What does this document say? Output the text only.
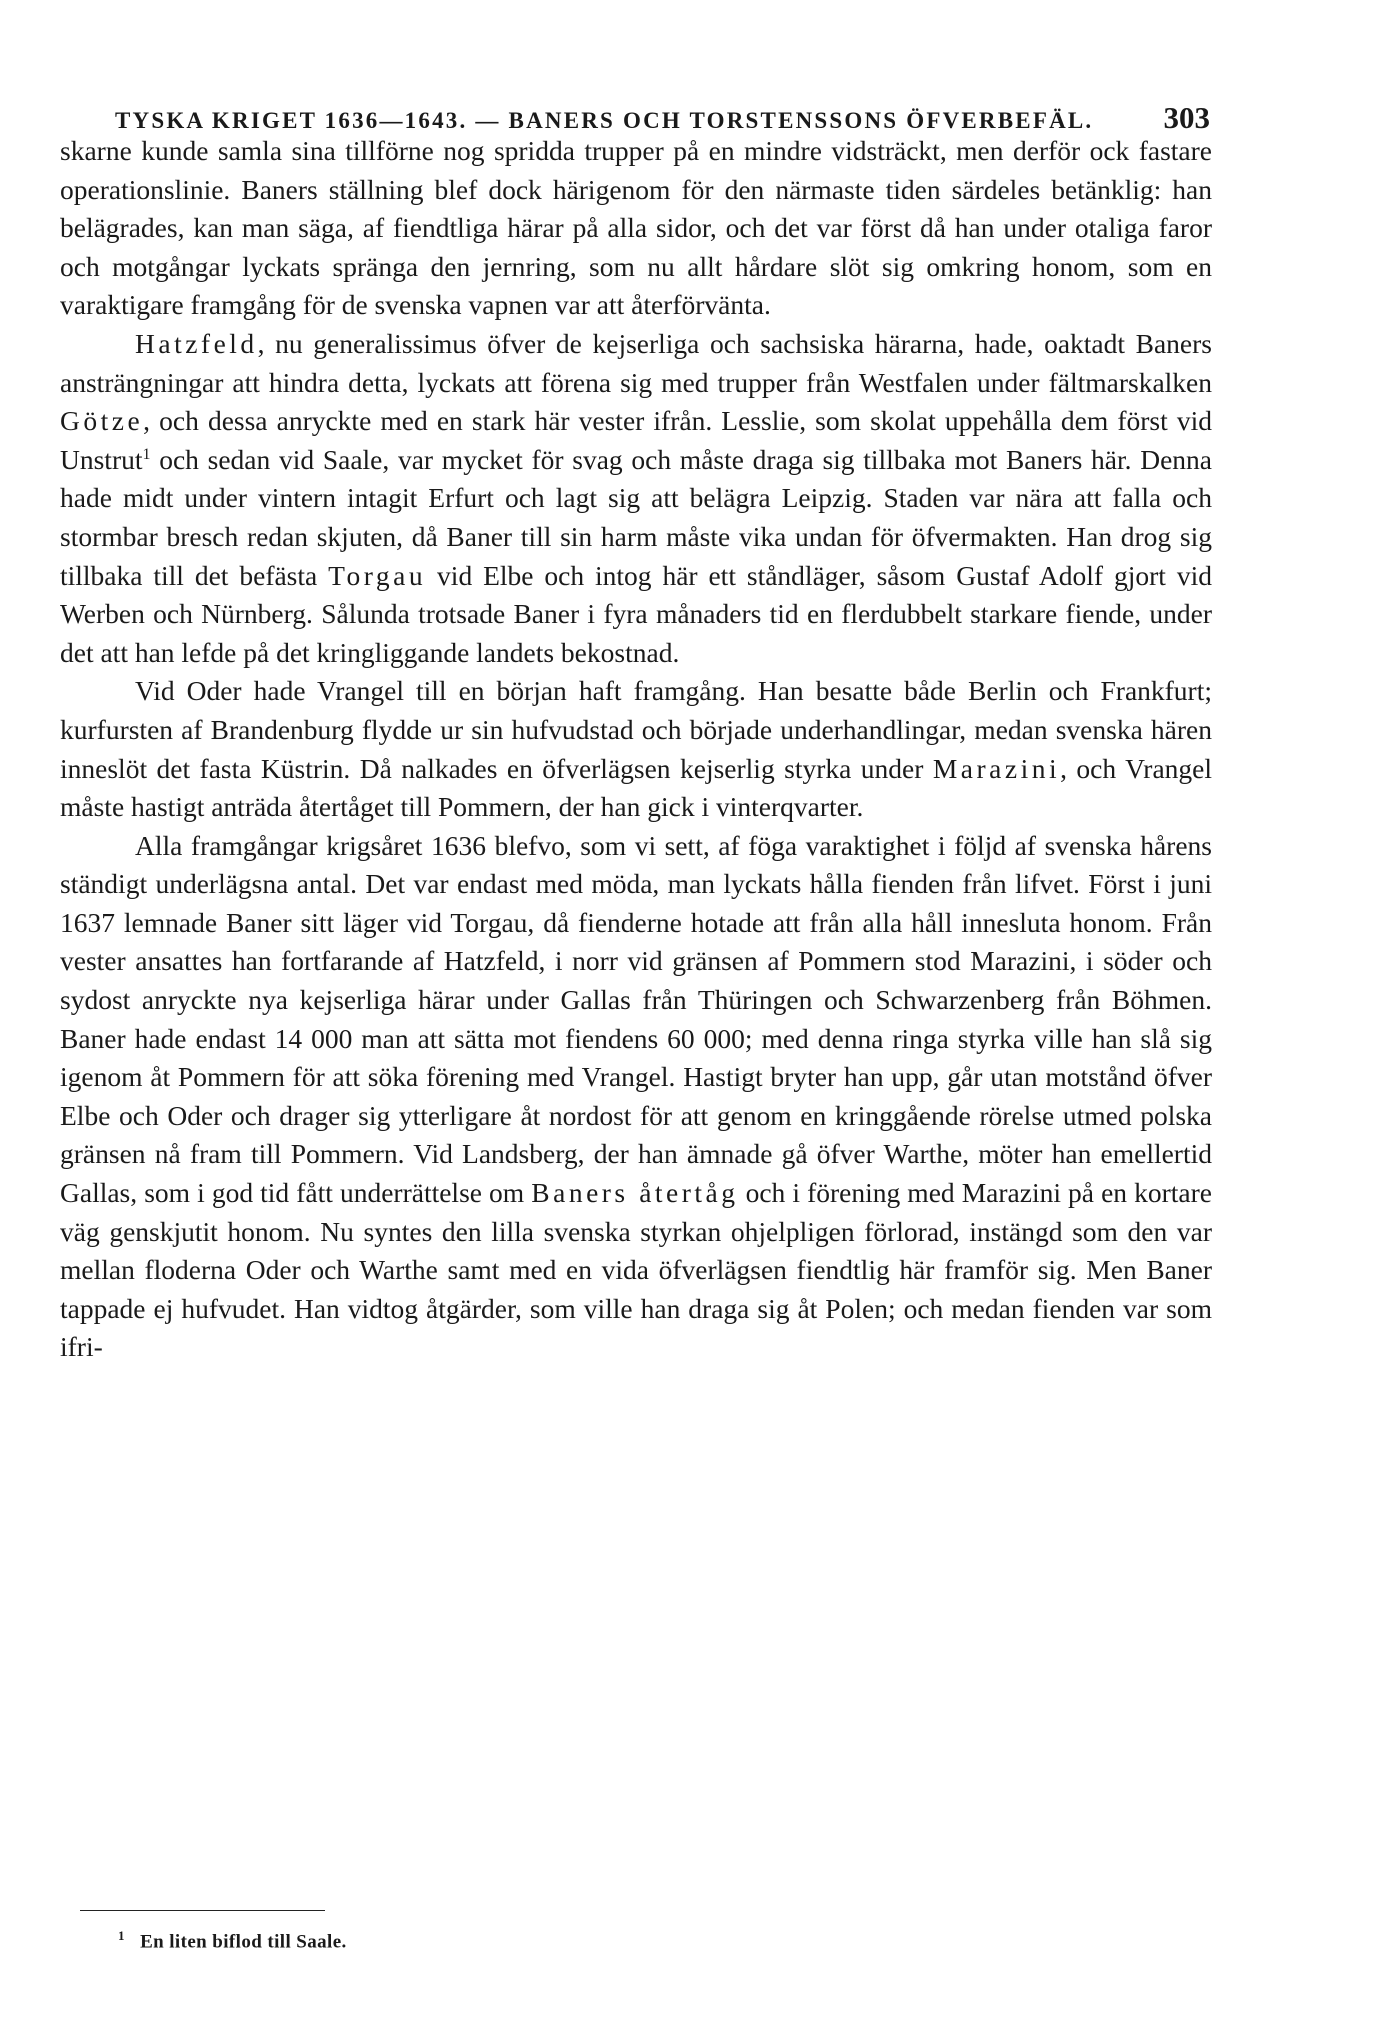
TYSKA KRIGET 1636—1643. — BANERS OCH TORSTENSSONS ÖFVERBEFÄL. 303

skarne kunde samla sina tillförne nog spridda trupper på en mindre vidsträckt, men derför ock fastare operationslinie. Baners ställning blef dock härigenom för den närmaste tiden särdeles betänklig: han belägrades, kan man säga, af fiendtliga härar på alla sidor, och det var först då han under otaliga faror och motgångar lyckats spränga den jernring, som nu allt hårdare slöt sig omkring honom, som en varaktigare framgång för de svenska vapnen var att återförvänta.

Hatzfeld, nu generalissimus öfver de kejserliga och sachsiska härarna, hade, oaktadt Baners ansträngningar att hindra detta, lyckats att förena sig med trupper från Westfalen under fältmarskalken Götze, och dessa anryckte med en stark här vester ifrån. Lesslie, som skolat uppehålla dem först vid Unstrut$^1$ och sedan vid Saale, var mycket för svag och måste draga sig tillbaka mot Baners här. Denna hade midt under vintern intagit Erfurt och lagt sig att belägra Leipzig. Staden var nära att falla och stormbar bresch redan skjuten, då Baner till sin harm måste vika undan för öfvermakten. Han drog sig tillbaka till det befästa Torgau vid Elbe och intog här ett ståndläger, såsom Gustaf Adolf gjort vid Werben och Nürnberg. Sålunda trotsade Baner i fyra månaders tid en flerdubbelt starkare fiende, under det att han lefde på det kringliggande landets bekostnad.

Vid Oder hade Vrangel till en början haft framgång. Han besatte både Berlin och Frankfurt; kurfursten af Brandenburg flydde ur sin hufvudstad och började underhandlingar, medan svenska hären inneslöt det fasta Küstrin. Då nalkades en öfverlägsen kejserlig styrka under Marazini, och Vrangel måste hastigt anträda återtåget till Pommern, der han gick i vinterqvarter.

Alla framgångar krigsåret 1636 blefvo, som vi sett, af föga varaktighet i följd af svenska hårens ständigt underlägsna antal. Det var endast med möda, man lyckats hålla fienden från lifvet. Först i juni 1637 lemnade Baner sitt läger vid Torgau, då fienderne hotade att från alla håll innesluta honom. Från vester ansattes han fortfarande af Hatzfeld, i norr vid gränsen af Pommern stod Marazini, i söder och sydost anryckte nya kejserliga härar under Gallas från Thüringen och Schwarzenberg från Böhmen. Baner hade endast 14 000 man att sätta mot fiendens 60 000; med denna ringa styrka ville han slå sig igenom åt Pommern för att söka förening med Vrangel. Hastigt bryter han upp, går utan motstånd öfver Elbe och Oder och drager sig ytterligare åt nordost för att genom en kringgående rörelse utmed polska gränsen nå fram till Pommern. Vid Landsberg, der han ämnade gå öfver Warthe, möter han emellertid Gallas, som i god tid fått underrättelse om Baners återtåg och i förening med Marazini på en kortare väg genskjutit honom. Nu syntes den lilla svenska styrkan ohjelpligen förlorad, instängd som den var mellan floderna Oder och Warthe samt med en vida öfverlägsen fiendtlig här framför sig. Men Baner tappade ej hufvudet. Han vidtog åtgärder, som ville han draga sig åt Polen; och medan fienden var som ifri-

$^1$ En liten biflod till Saale.
